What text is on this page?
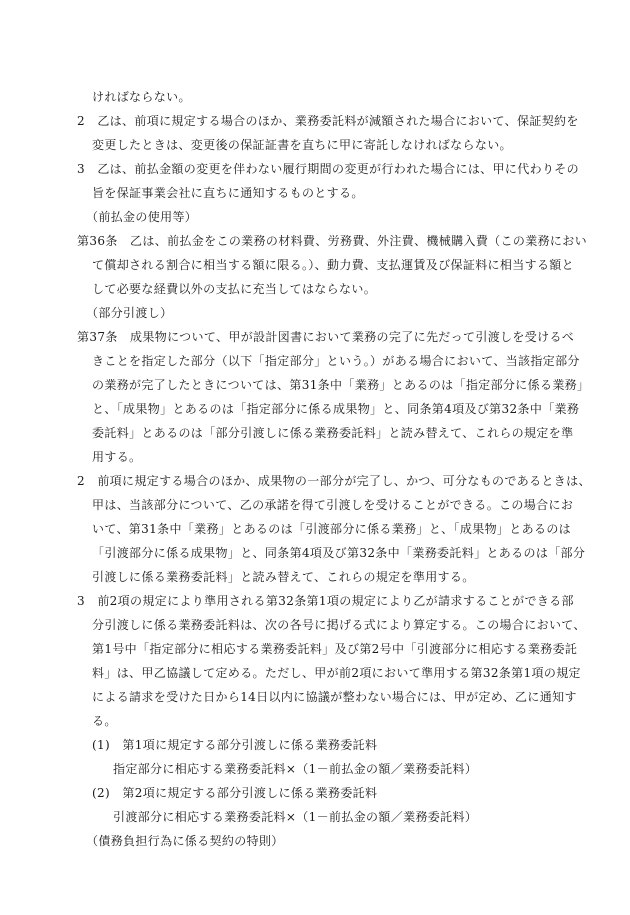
ければならない。
2　乙は、前項に規定する場合のほか、業務委託料が減額された場合において、保証契約を
変更したときは、変更後の保証証書を直ちに甲に寄託しなければならない。
3　乙は、前払金額の変更を伴わない履行期間の変更が行われた場合には、甲に代わりその
旨を保証事業会社に直ちに通知するものとする。
（前払金の使用等）
第36条　乙は、前払金をこの業務の材料費、労務費、外注費、機械購入費（この業務におい
て償却される割合に相当する額に限る。）、動力費、支払運賃及び保証料に相当する額と
して必要な経費以外の支払に充当してはならない。
（部分引渡し）
第37条　成果物について、甲が設計図書において業務の完了に先だって引渡しを受けるべ
きことを指定した部分（以下「指定部分」という。）がある場合において、当該指定部分
の業務が完了したときについては、第31条中「業務」とあるのは「指定部分に係る業務」
と、「成果物」とあるのは「指定部分に係る成果物」と、同条第4項及び第32条中「業務
委託料」とあるのは「部分引渡しに係る業務委託料」と読み替えて、これらの規定を準
用する。
2　前項に規定する場合のほか、成果物の一部分が完了し、かつ、可分なものであるときは、
甲は、当該部分について、乙の承諾を得て引渡しを受けることができる。この場合にお
いて、第31条中「業務」とあるのは「引渡部分に係る業務」と、「成果物」とあるのは
「引渡部分に係る成果物」と、同条第4項及び第32条中「業務委託料」とあるのは「部分
引渡しに係る業務委託料」と読み替えて、これらの規定を準用する。
3　前2項の規定により準用される第32条第1項の規定により乙が請求することができる部
分引渡しに係る業務委託料は、次の各号に掲げる式により算定する。この場合において、
第1号中「指定部分に相応する業務委託料」及び第2号中「引渡部分に相応する業務委託
料」は、甲乙協議して定める。ただし、甲が前2項において準用する第32条第1項の規定
による請求を受けた日から14日以内に協議が整わない場合には、甲が定め、乙に通知す
る。
(1)　第1項に規定する部分引渡しに係る業務委託料
指定部分に相応する業務委託料×（1－前払金の額／業務委託料）
(2)　第2項に規定する部分引渡しに係る業務委託料
引渡部分に相応する業務委託料×（1－前払金の額／業務委託料）
（債務負担行為に係る契約の特則）
